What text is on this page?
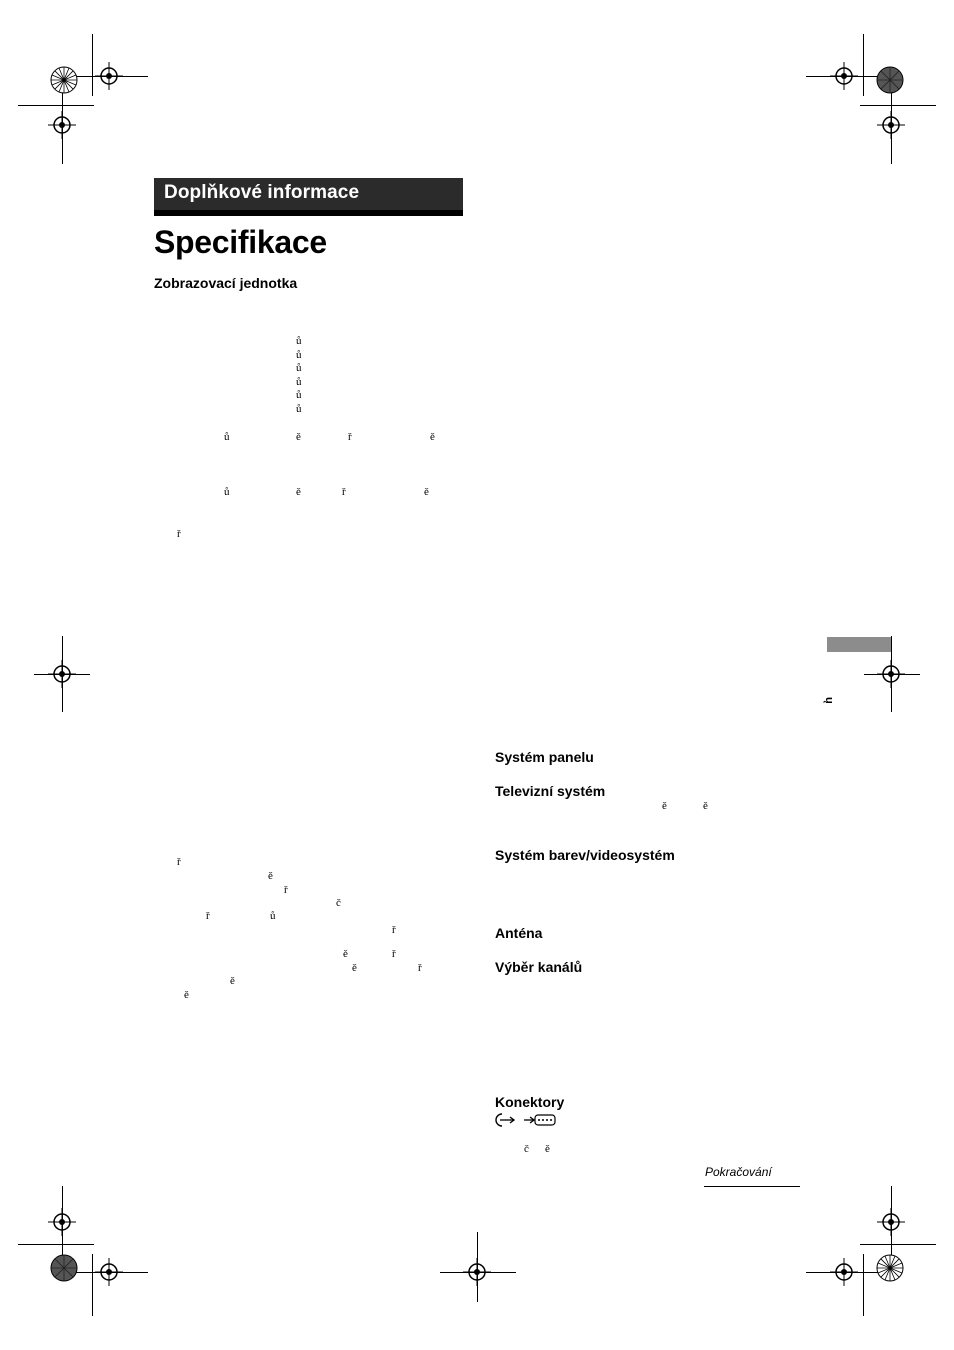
Doplňkové informace
Specifikace
Zobrazovací jednotka
ů
ů
ů
ů
ů
ů
ů	ě	ř	ě
ů	ě	ř	ě
ř
ř
ě
ř
č
ř	ů
ř
ě	ř
ě	ř
ě
ě
Systém panelu
Televizní systém
ě	ě
Systém barev/videosystém
Anténa
Výběr kanálů
Konektory
č ě
ų
Pokračování
